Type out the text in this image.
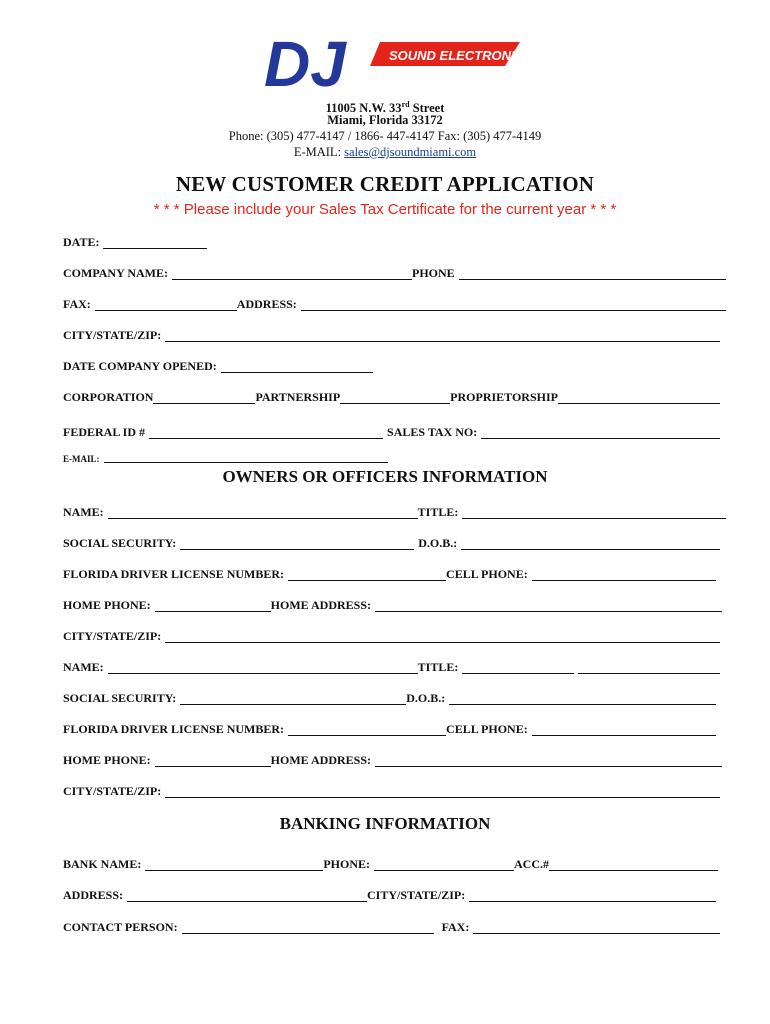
SOUND ELECTRONICS,LLC
DJ
11005 N.W. 33rd Street
Miami, Florida 33172
Phone: (305) 477-4147 / 1866- 447-4147 Fax: (305) 477-4149
E-MAIL: sales@djsoundmiami.com
NEW CUSTOMER CREDIT APPLICATION
* * * Please include your Sales Tax Certificate for the current year * * *
DATE:
COMPANY NAME:	PHONE
FAX:	ADDRESS:
CITY/STATE/ZIP:
DATE COMPANY OPENED:
CORPORATION	PARTNERSHIP	PROPRIETORSHIP
FEDERAL ID #	SALES TAX NO:
E-MAIL:
OWNERS OR OFFICERS INFORMATION
NAME:	TITLE:
SOCIAL SECURITY:	D.O.B.:
FLORIDA DRIVER LICENSE NUMBER:	CELL PHONE:
HOME PHONE:	HOME ADDRESS:
CITY/STATE/ZIP:
NAME:	TITLE:
SOCIAL SECURITY:	D.O.B.:
FLORIDA DRIVER LICENSE NUMBER:	CELL PHONE:
HOME PHONE:	HOME ADDRESS:
CITY/STATE/ZIP:
BANKING INFORMATION
BANK NAME:	PHONE:	ACC.#
ADDRESS:	CITY/STATE/ZIP:
CONTACT PERSON:	FAX:
